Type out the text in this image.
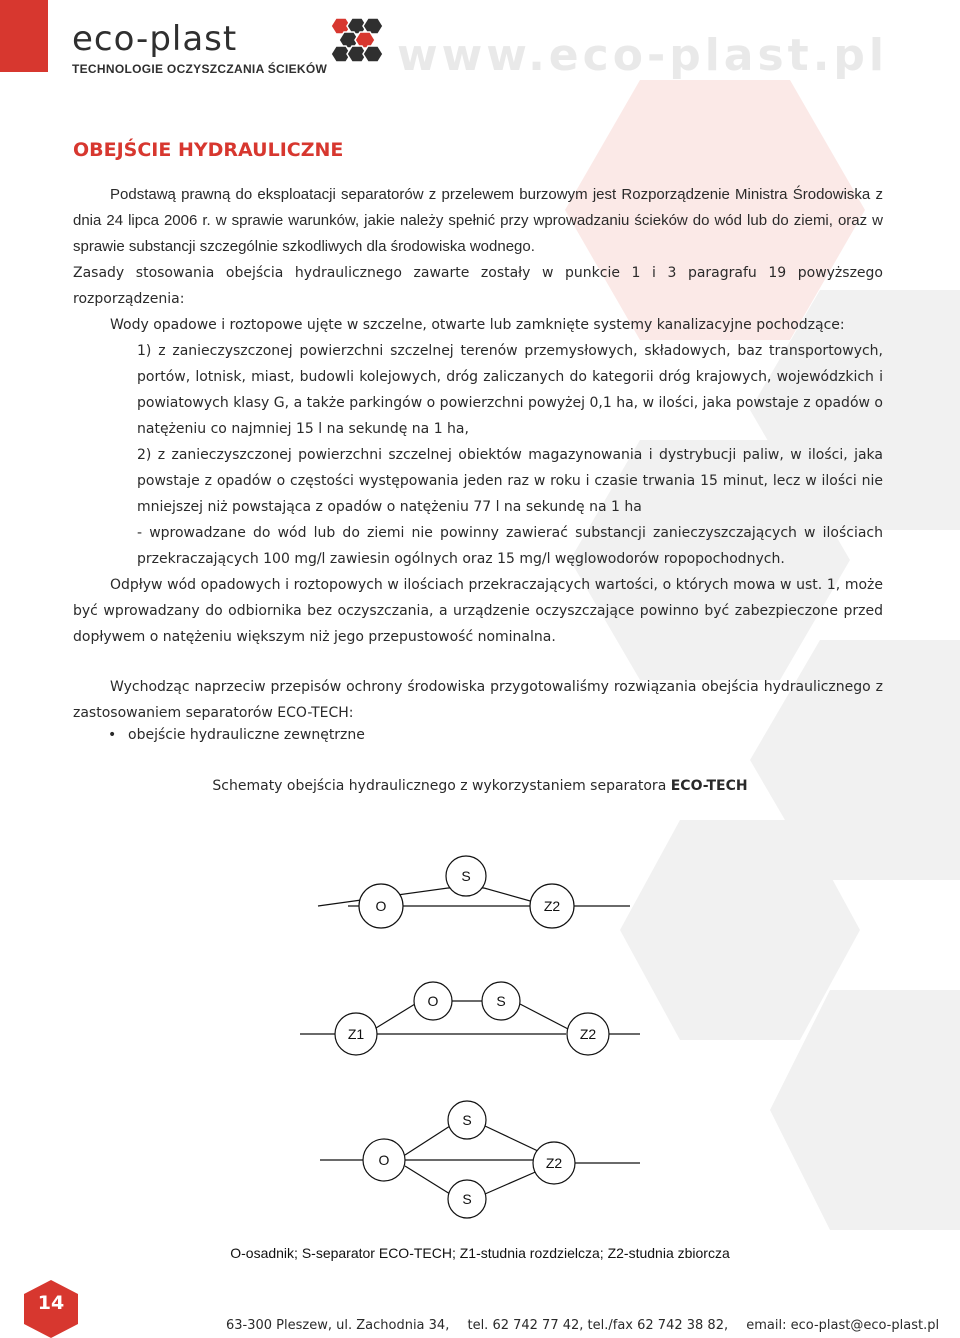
eco-plast
TECHNOLOGIE OCZYSZCZANIA ŚCIEKÓW www.eco-plast.pl
OBEJŚCIE HYDRAULICZNE

Podstawą prawną do eksploatacji separatorów z przelewem burzowym jest Rozporządzenie Ministra Środowiska z dnia 24 lipca 2006 r. w sprawie warunków, jakie należy spełnić przy wprowadzaniu ścieków do wód lub do ziemi, oraz w sprawie substancji szczególnie szkodliwych dla środowiska wodnego.

Zasady stosowania obejścia hydraulicznego zawarte zostały w punkcie 1 i 3 paragrafu 19 powyższego rozporządzenia:

Wody opadowe i roztopowe ujęte w szczelne, otwarte lub zamknięte systemy kanalizacyjne pochodzące:

1) z zanieczyszczonej powierzchni szczelnej terenów przemysłowych, składowych, baz transportowych, portów, lotnisk, miast, budowli kolejowych, dróg zaliczanych do kategorii dróg krajowych, wojewódzkich i powiatowych klasy G, a także parkingów o powierzchni powyżej 0,1 ha, w ilości, jaka powstaje z opadów o natężeniu co najmniej 15 l na sekundę na 1 ha,

2) z zanieczyszczonej powierzchni szczelnej obiektów magazynowania i dystrybucji paliw, w ilości, jaka powstaje z opadów o częstości występowania jeden raz w roku i czasie trwania 15 minut, lecz w ilości nie mniejszej niż powstająca z opadów o natężeniu 77 l na sekundę na 1 ha

- wprowadzane do wód lub do ziemi nie powinny zawierać substancji zanieczyszczających w ilościach przekraczających 100 mg/l zawiesin ogólnych oraz 15 mg/l węglowodorów ropopochodnych.

Odpływ wód opadowych i roztopowych w ilościach przekraczających wartości, o których mowa w ust. 1, może być wprowadzany do odbiornika bez oczyszczania, a urządzenie oczyszczające powinno być zabezpieczone przed dopływem o natężeniu większym niż jego przepustowość nominalna.

Wychodząc naprzeciw przepisów ochrony środowiska przygotowaliśmy rozwiązania obejścia hydraulicznego z zastosowaniem separatorów ECO-TECH:

• obejście hydrauliczne zewnętrzne
Schematy obejścia hydraulicznego z wykorzystaniem separatora ECO-TECH
S
O	Z2
O	S
Z1	Z2
S
O	Z2
S
O-osadnik; S-separator ECO-TECH; Z1-studnia rozdzielcza; Z2-studnia zbiorcza
14
63-300 Pleszew, ul. Zachodnia 34, tel. 62 742 77 42, tel./fax 62 742 38 82, email: eco-plast@eco-plast.pl
